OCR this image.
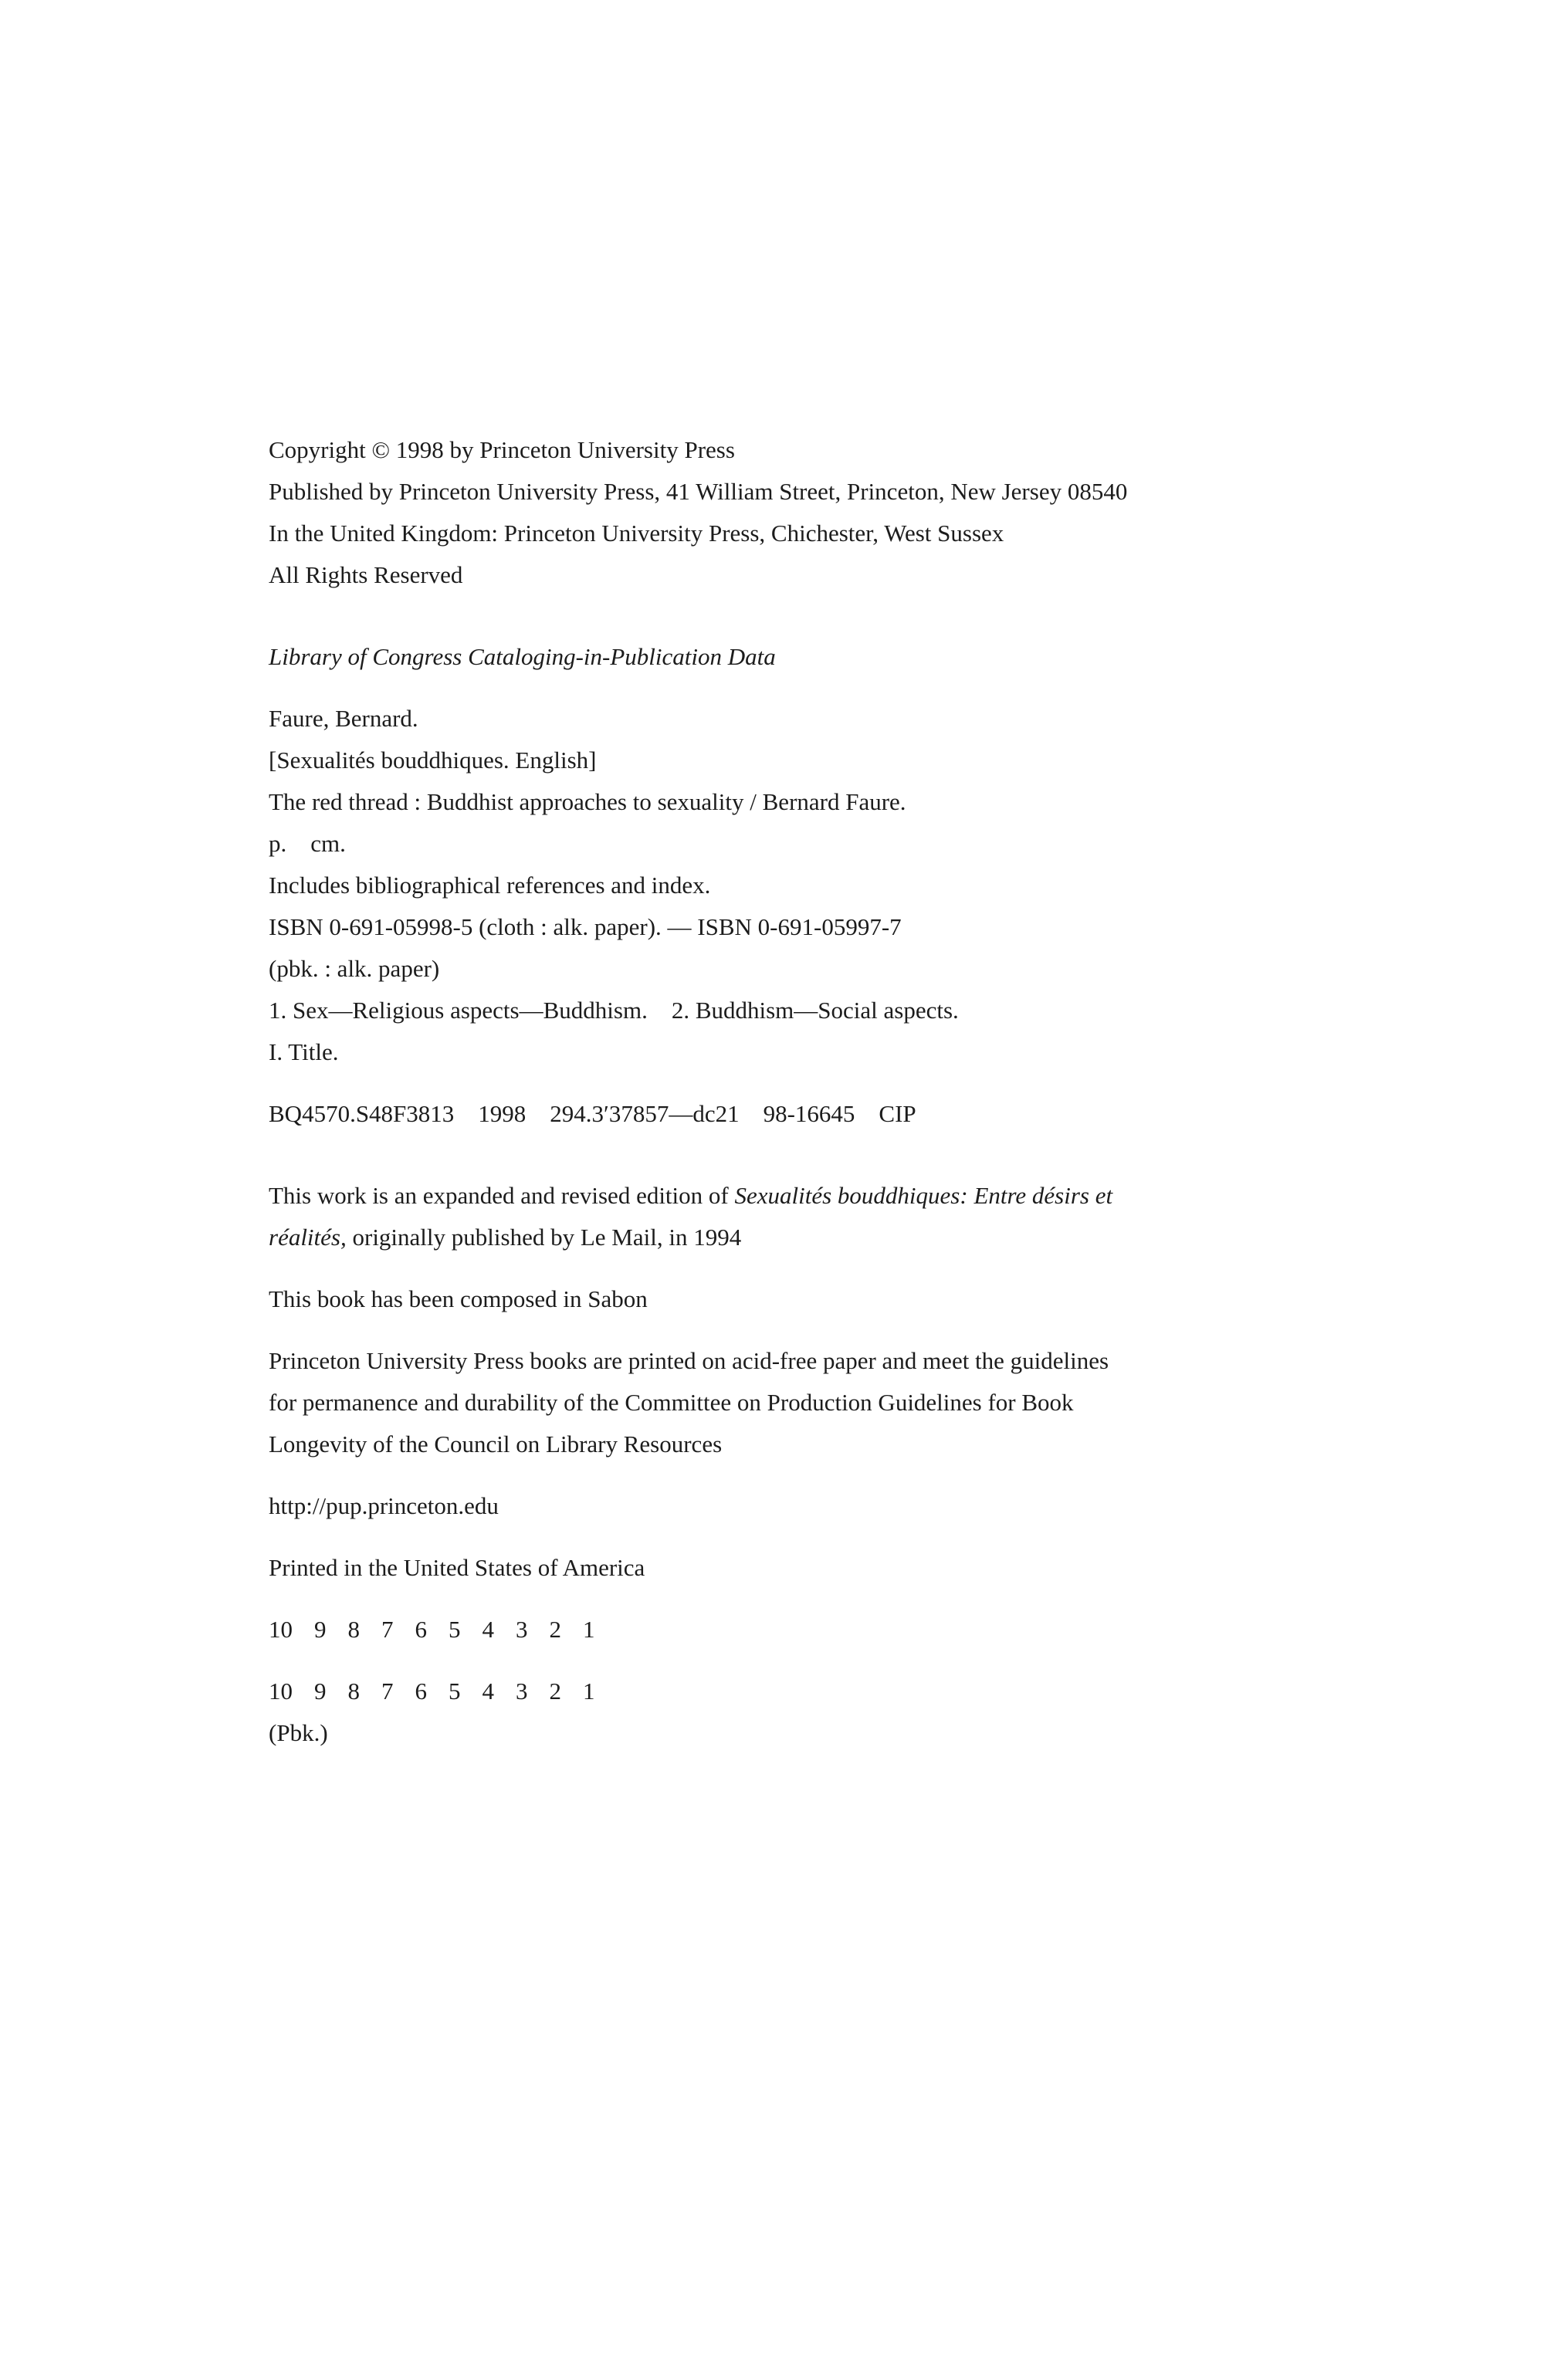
Copyright © 1998 by Princeton University Press
Published by Princeton University Press, 41 William Street, Princeton, New Jersey 08540
In the United Kingdom: Princeton University Press, Chichester, West Sussex
All Rights Reserved
Library of Congress Cataloging-in-Publication Data
Faure, Bernard.
[Sexualités bouddhiques. English]
The red thread : Buddhist approaches to sexuality / Bernard Faure.
p.    cm.
Includes bibliographical references and index.
ISBN 0-691-05998-5 (cloth : alk. paper). — ISBN 0-691-05997-7
(pbk. : alk. paper)
1. Sex—Religious aspects—Buddhism.    2. Buddhism—Social aspects.
I. Title.
BQ4570.S48F3813    1998    294.3′37857—dc21    98-16645    CIP
This work is an expanded and revised edition of Sexualités bouddhiques: Entre désirs et
réalités, originally published by Le Mail, in 1994
This book has been composed in Sabon
Princeton University Press books are printed on acid-free paper and meet the guidelines
for permanence and durability of the Committee on Production Guidelines for Book
Longevity of the Council on Library Resources
http://pup.princeton.edu
Printed in the United States of America
10 9 8 7 6 5 4 3 2 1
10 9 8 7 6 5 4 3 2 1
(Pbk.)
